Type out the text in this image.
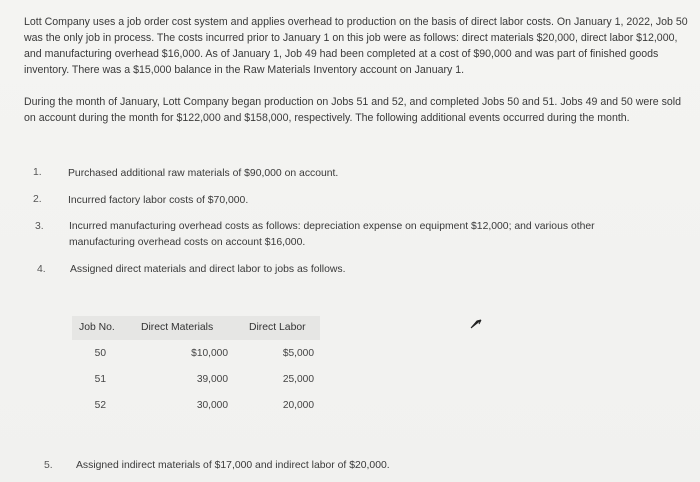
Lott Company uses a job order cost system and applies overhead to production on the basis of direct labor costs. On January 1, 2022, Job 50 was the only job in process. The costs incurred prior to January 1 on this job were as follows: direct materials $20,000, direct labor $12,000, and manufacturing overhead $16,000. As of January 1, Job 49 had been completed at a cost of $90,000 and was part of finished goods inventory. There was a $15,000 balance in the Raw Materials Inventory account on January 1.

During the month of January, Lott Company began production on Jobs 51 and 52, and completed Jobs 50 and 51. Jobs 49 and 50 were sold on account during the month for $122,000 and $158,000, respectively. The following additional events occurred during the month.

1.	Purchased additional raw materials of $90,000 on account.
2.	Incurred factory labor costs of $70,000.
3. Incurred manufacturing overhead costs as follows: depreciation expense on equipment $12,000; and various other
manufacturing overhead costs on account $16,000.
4. Assigned direct materials and direct labor to jobs as follows.
Job No.	Direct Materials	Direct Labor
50	$10,000	$5,000
51	39,000	25,000
52	30,000	20,000
5. Assigned indirect materials of $17,000 and indirect labor of $20,000.
